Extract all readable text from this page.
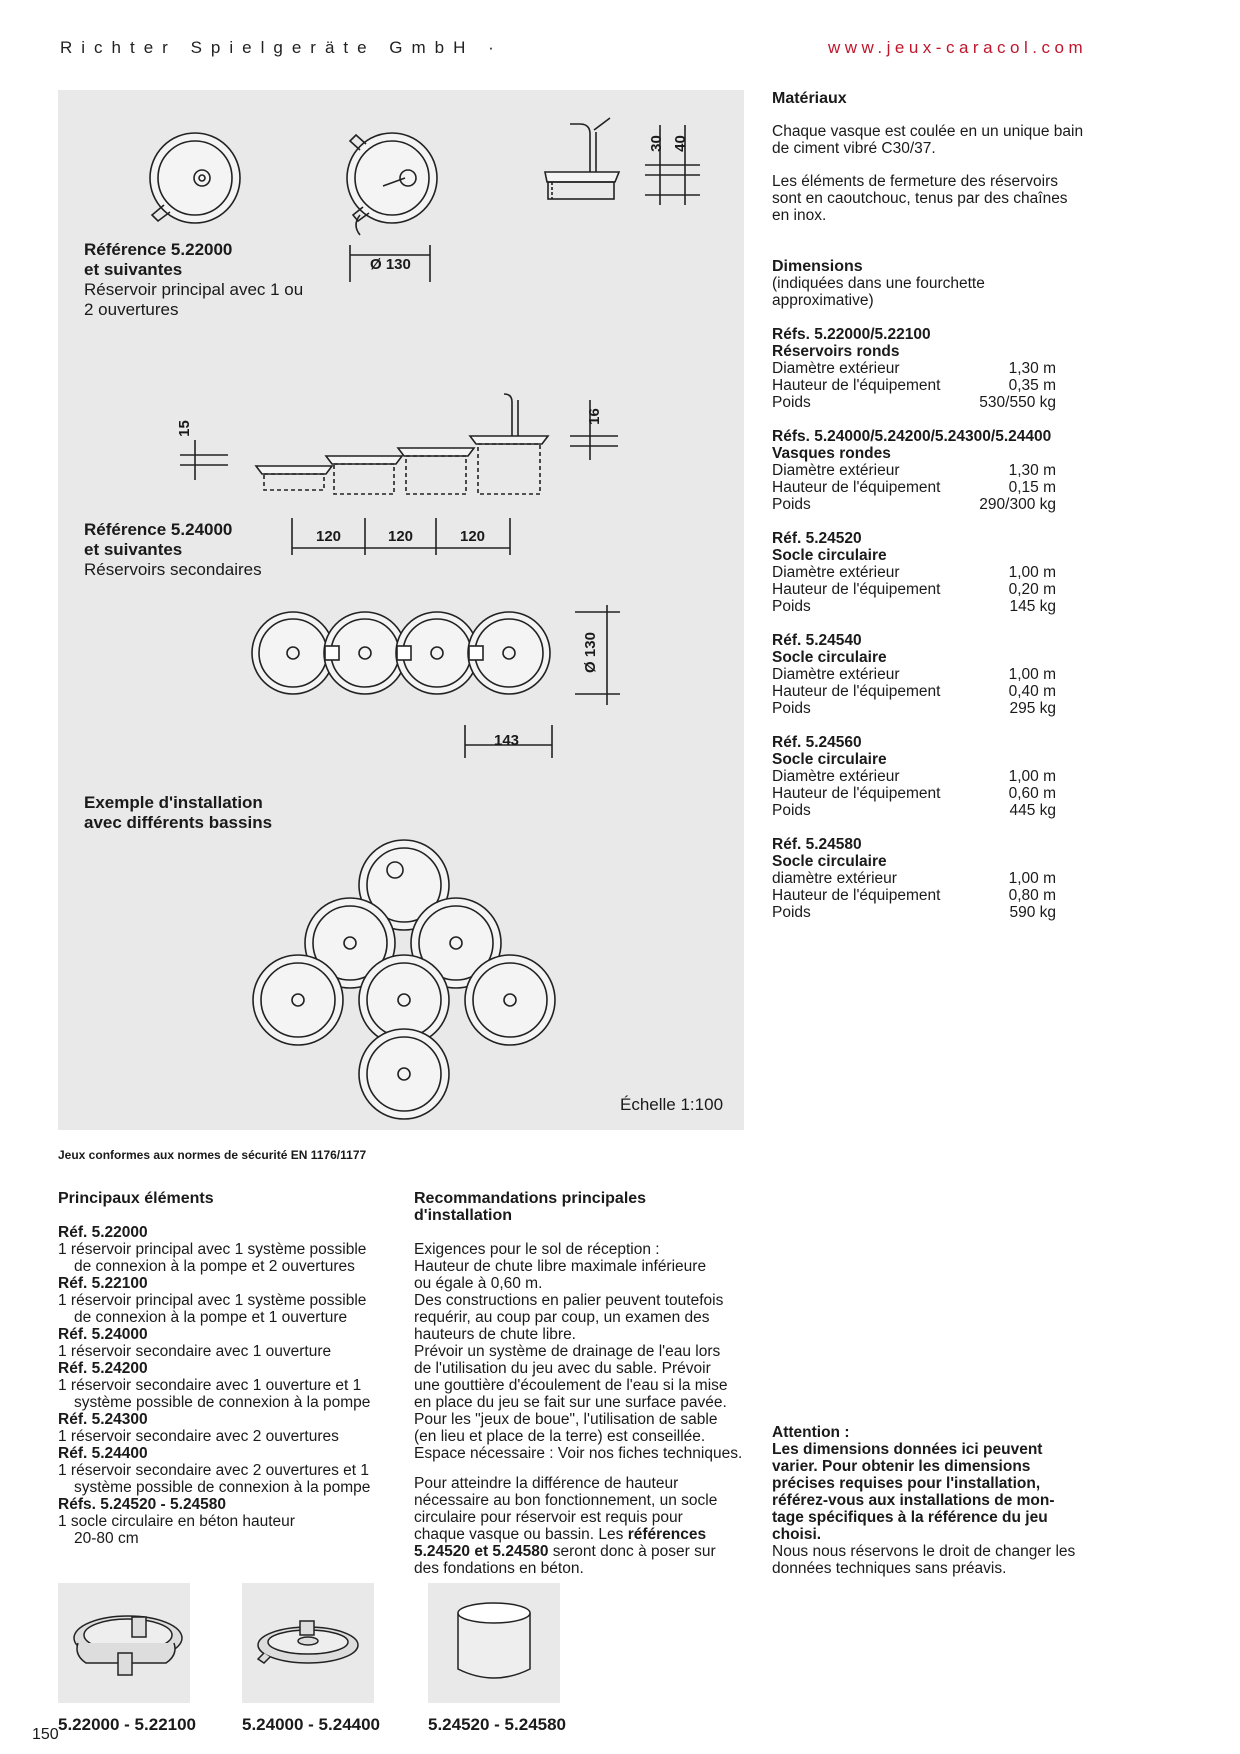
Richter Spielgeräte GmbH ·	www.jeux-caracol.com
30 40
Ø 130
15
16
120	120	120
Ø 130
143
Référence 5.22000
et suivantes
Réservoir principal avec 1 ou
2 ouvertures
Référence 5.24000
et suivantes
Réservoirs secondaires
Exemple d'installation
avec différents bassins
Échelle 1:100
Matériaux
Chaque vasque est coulée en un unique bain
de ciment vibré C30/37.
Les éléments de fermeture des réservoirs
sont en caoutchouc, tenus par des chaînes
en inox.
Dimensions
(indiquées dans une fourchette
approximative)
Réfs. 5.22000/5.22100
Réservoirs ronds
Diamètre extérieur	1,30 m
Hauteur de l'équipement	0,35 m
Poids	530/550 kg
Réfs. 5.24000/5.24200/5.24300/5.24400
Vasques rondes
Diamètre extérieur	1,30 m
Hauteur de l'équipement	0,15 m
Poids	290/300 kg
Réf. 5.24520
Socle circulaire
Diamètre extérieur	1,00 m
Hauteur de l'équipement	0,20 m
Poids	145 kg
Réf. 5.24540
Socle circulaire
Diamètre extérieur	1,00 m
Hauteur de l'équipement	0,40 m
Poids	295 kg
Réf. 5.24560
Socle circulaire
Diamètre extérieur	1,00 m
Hauteur de l'équipement	0,60 m
Poids	445 kg
Réf. 5.24580
Socle circulaire
diamètre extérieur	1,00 m
Hauteur de l'équipement	0,80 m
Poids	590 kg
Jeux conformes aux normes de sécurité EN 1176/1177
Principaux éléments
Réf. 5.22000
1 réservoir principal avec 1 système possible
de connexion à la pompe et 2 ouvertures
Réf. 5.22100
1 réservoir principal avec 1 système possible
de connexion à la pompe et 1 ouverture
Réf. 5.24000
1 réservoir secondaire avec 1 ouverture
Réf. 5.24200
1 réservoir secondaire avec 1 ouverture et 1
système possible de connexion à la pompe
Réf. 5.24300
1 réservoir secondaire avec 2 ouvertures
Réf. 5.24400
1 réservoir secondaire avec 2 ouvertures et 1
système possible de connexion à la pompe
Réfs. 5.24520 - 5.24580
1 socle circulaire en béton hauteur
20-80 cm
Recommandations principales
d'installation
Exigences pour le sol de réception :
Hauteur de chute libre maximale inférieure
ou égale à 0,60 m.
Des constructions en palier peuvent toutefois
requérir, au coup par coup, un examen des
hauteurs de chute libre.
Prévoir un système de drainage de l'eau lors
de l'utilisation du jeu avec du sable. Prévoir
une gouttière d'écoulement de l'eau si la mise
en place du jeu se fait sur une surface pavée.
Pour les "jeux de boue", l'utilisation de sable
(en lieu et place de la terre) est conseillée.
Espace nécessaire : Voir nos fiches techniques.
Pour atteindre la différence de hauteur
nécessaire au bon fonctionnement, un socle
circulaire pour réservoir est requis pour
chaque vasque ou bassin. Les références
5.24520 et 5.24580 seront donc à poser sur
des fondations en béton.
Attention :
Les dimensions données ici peuvent
varier. Pour obtenir les dimensions
précises requises pour l'installation,
référez-vous aux installations de mon-
tage spécifiques à la référence du jeu
choisi.
Nous nous réservons le droit de changer les
données techniques sans préavis.
5.22000 - 5.22100	5.24000 - 5.24400	5.24520 - 5.24580
150
